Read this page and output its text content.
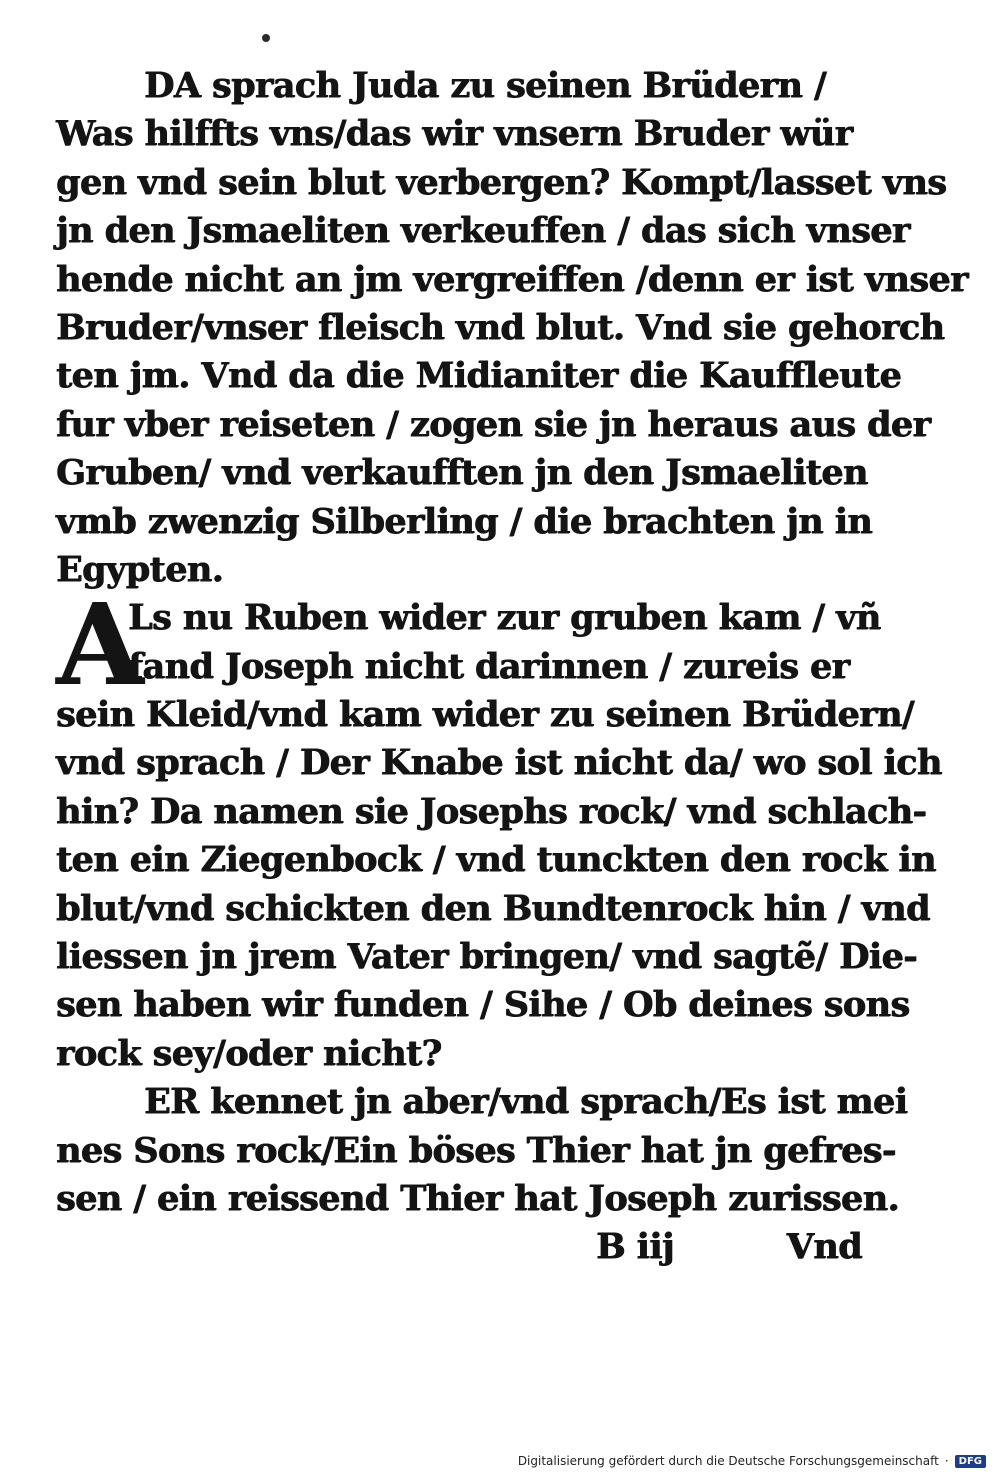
DA sprach Juda zu seinen Brüdern /
Was hilffts vns/das wir vnsern Bruder wür
gen vnd sein blut verbergen? Kompt/lasset vns
jn den Jsmaeliten verkeuffen / das sich vnser
hende nicht an jm vergreiffen /denn er ist vnser
Bruder/vnser fleisch vnd blut. Vnd sie gehorch
ten jm. Vnd da die Midianiter die Kauffleute
fur vber reiseten / zogen sie jn heraus aus der
Gruben/ vnd verkaufften jn den Jsmaeliten
vmb zwenzig Silberling / die brachten jn in
Egypten.
A
Ls nu Ruben wider zur gruben kam / vñ
fand Joseph nicht darinnen / zureis er
sein Kleid/vnd kam wider zu seinen Brüdern/
vnd sprach / Der Knabe ist nicht da/ wo sol ich
hin? Da namen sie Josephs rock/ vnd schlach-
ten ein Ziegenbock / vnd tunckten den rock in
blut/vnd schickten den Bundtenrock hin / vnd
liessen jn jrem Vater bringen/ vnd sagtẽ/ Die-
sen haben wir funden / Sihe / Ob deines sons
rock sey/oder nicht?
ER kennet jn aber/vnd sprach/Es ist mei
nes Sons rock/Ein böses Thier hat jn gefres-
sen / ein reissend Thier hat Joseph zurissen.
B iij	Vnd
Digitalisierung gefördert durch die Deutsche Forschungsgemeinschaft ·	DFG
